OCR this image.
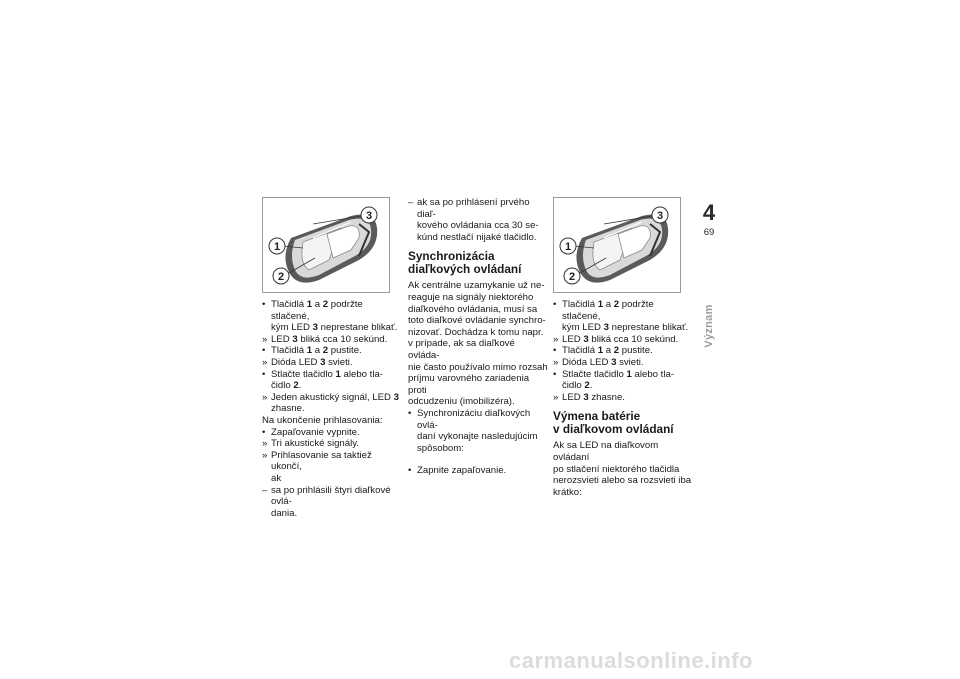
3
1
2
• Tlačidlá 1 a 2 podržte stlačené,
kým LED 3 neprestane blikať.
» LED 3 bliká cca 10 sekúnd.
• Tlačidlá 1 a 2 pustite.
» Dióda LED 3 svieti.
• Stlačte tlačidlo 1 alebo tla-
čidlo 2.
» Jeden akustický signál, LED 3
zhasne.
Na ukončenie prihlasovania:
• Zapaľovanie vypnite.
» Tri akustické signály.
» Prihlasovanie sa taktiež ukončí,
ak
– sa po prihlásili štyri diaľkové ovlá-
dania.
– ak sa po prihlásení prvého diaľ-
kového ovládania cca 30 se-
kúnd nestlačí nijaké tlačidlo.
Synchronizácia
diaľkových ovládaní
Ak centrálne uzamykanie už ne-
reaguje na signály niektorého
diaľkového ovládania, musí sa
toto diaľkové ovládanie synchro-
nizovať. Dochádza k tomu napr.
v prípade, ak sa diaľkové ovláda-
nie často používalo mimo rozsah
príjmu varovného zariadenia proti
odcudzeniu (imobilizéra).
• Synchronizáciu diaľkových ovlá-
daní vykonajte nasledujúcim
spôsobom:
• Zapnite zapaľovanie.
3
1
2
• Tlačidlá 1 a 2 podržte stlačené,
kým LED 3 neprestane blikať.
» LED 3 bliká cca 10 sekúnd.
• Tlačidlá 1 a 2 pustite.
» Dióda LED 3 svieti.
• Stlačte tlačidlo 1 alebo tla-
čidlo 2.
» LED 3 zhasne.
Výmena batérie
v diaľkovom ovládaní
Ak sa LED na diaľkovom ovládaní
po stlačení niektorého tlačidla
nerozsvieti alebo sa rozsvieti iba
krátko:
4
69
Význam
carmanualsonline.info
